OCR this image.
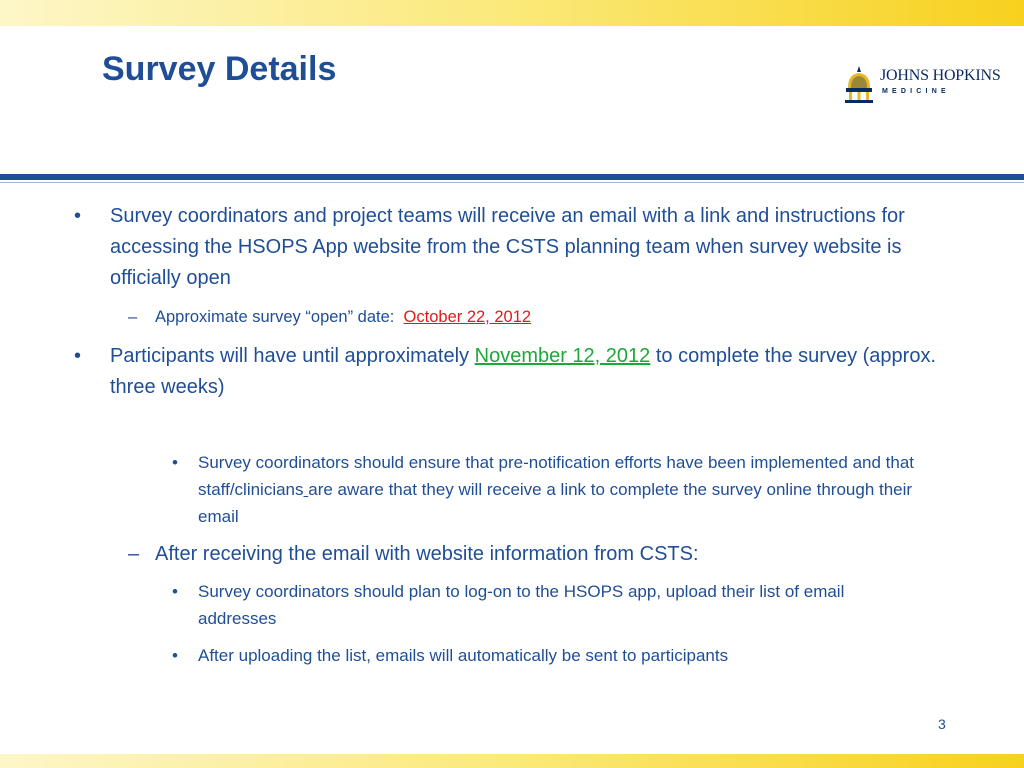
Survey Details	JOHNS HOPKINS
MEDICINE
• Survey coordinators and project teams will receive an email with a link and instructions for accessing the HSOPS App website from the CSTS planning team when survey website is officially open
– Approximate survey “open” date: October 22, 2012
• Participants will have until approximately November 12, 2012 to complete the survey (approx. three weeks)
• Survey coordinators should ensure that pre-notification efforts have been implemented and that staff/clinicians are aware that they will receive a link to complete the survey online through their email
– After receiving the email with website information from CSTS:
• Survey coordinators should plan to log-on to the HSOPS app, upload their list of email addresses
• After uploading the list, emails will automatically be sent to participants
3
